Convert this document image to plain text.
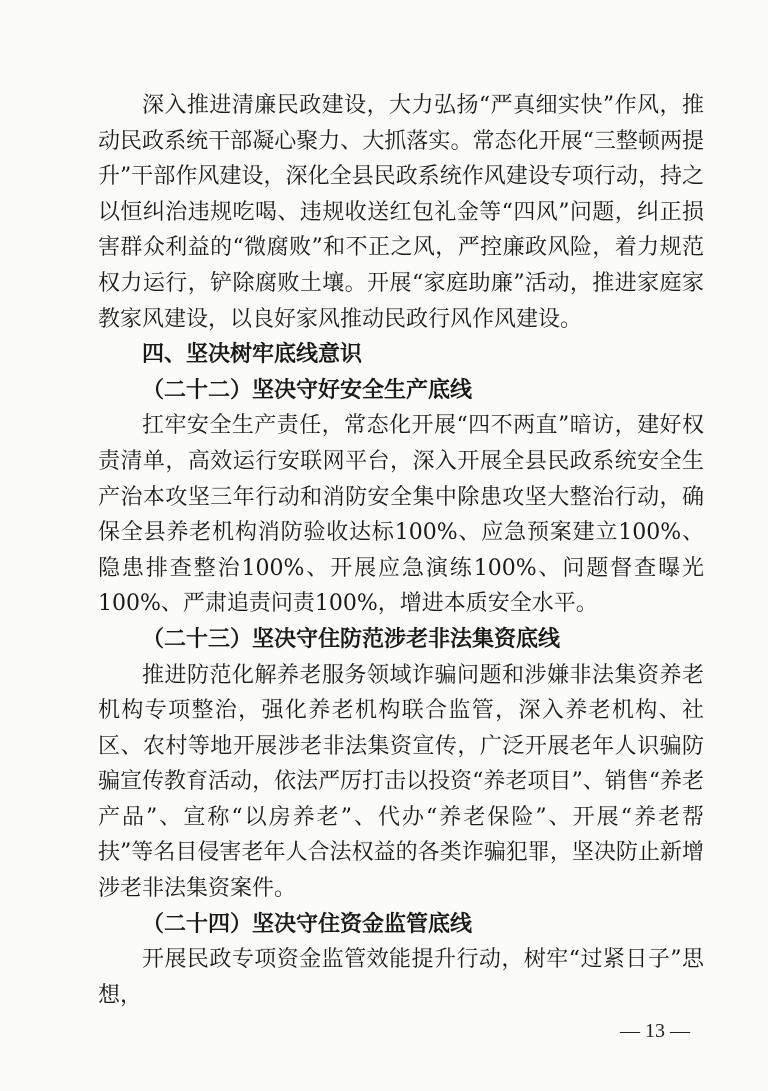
深入推进清廉民政建设，大力弘扬“严真细实快”作风，推动民政系统干部凝心聚力、大抓落实。常态化开展“三整顿两提升”干部作风建设，深化全县民政系统作风建设专项行动，持之以恒纠治违规吃喝、违规收送红包礼金等“四风”问题，纠正损害群众利益的“微腐败”和不正之风，严控廉政风险，着力规范权力运行，铲除腐败土壤。开展“家庭助廉”活动，推进家庭家教家风建设，以良好家风推动民政行风作风建设。

四、坚决树牢底线意识

（二十二）坚决守好安全生产底线

扛牢安全生产责任，常态化开展“四不两直”暗访，建好权责清单，高效运行安联网平台，深入开展全县民政系统安全生产治本攻坚三年行动和消防安全集中除患攻坚大整治行动，确保全县养老机构消防验收达标100%、应急预案建立100%、隐患排查整治100%、开展应急演练100%、问题督查曝光100%、严肃追责问责100%，增进本质安全水平。

（二十三）坚决守住防范涉老非法集资底线

推进防范化解养老服务领域诈骗问题和涉嫌非法集资养老机构专项整治，强化养老机构联合监管，深入养老机构、社区、农村等地开展涉老非法集资宣传，广泛开展老年人识骗防骗宣传教育活动，依法严厉打击以投资“养老项目”、销售“养老产品”、宣称“以房养老”、代办“养老保险”、开展“养老帮扶”等名目侵害老年人合法权益的各类诈骗犯罪，坚决防止新增涉老非法集资案件。

（二十四）坚决守住资金监管底线

开展民政专项资金监管效能提升行动，树牢“过紧日子”思想，

— 13 —
